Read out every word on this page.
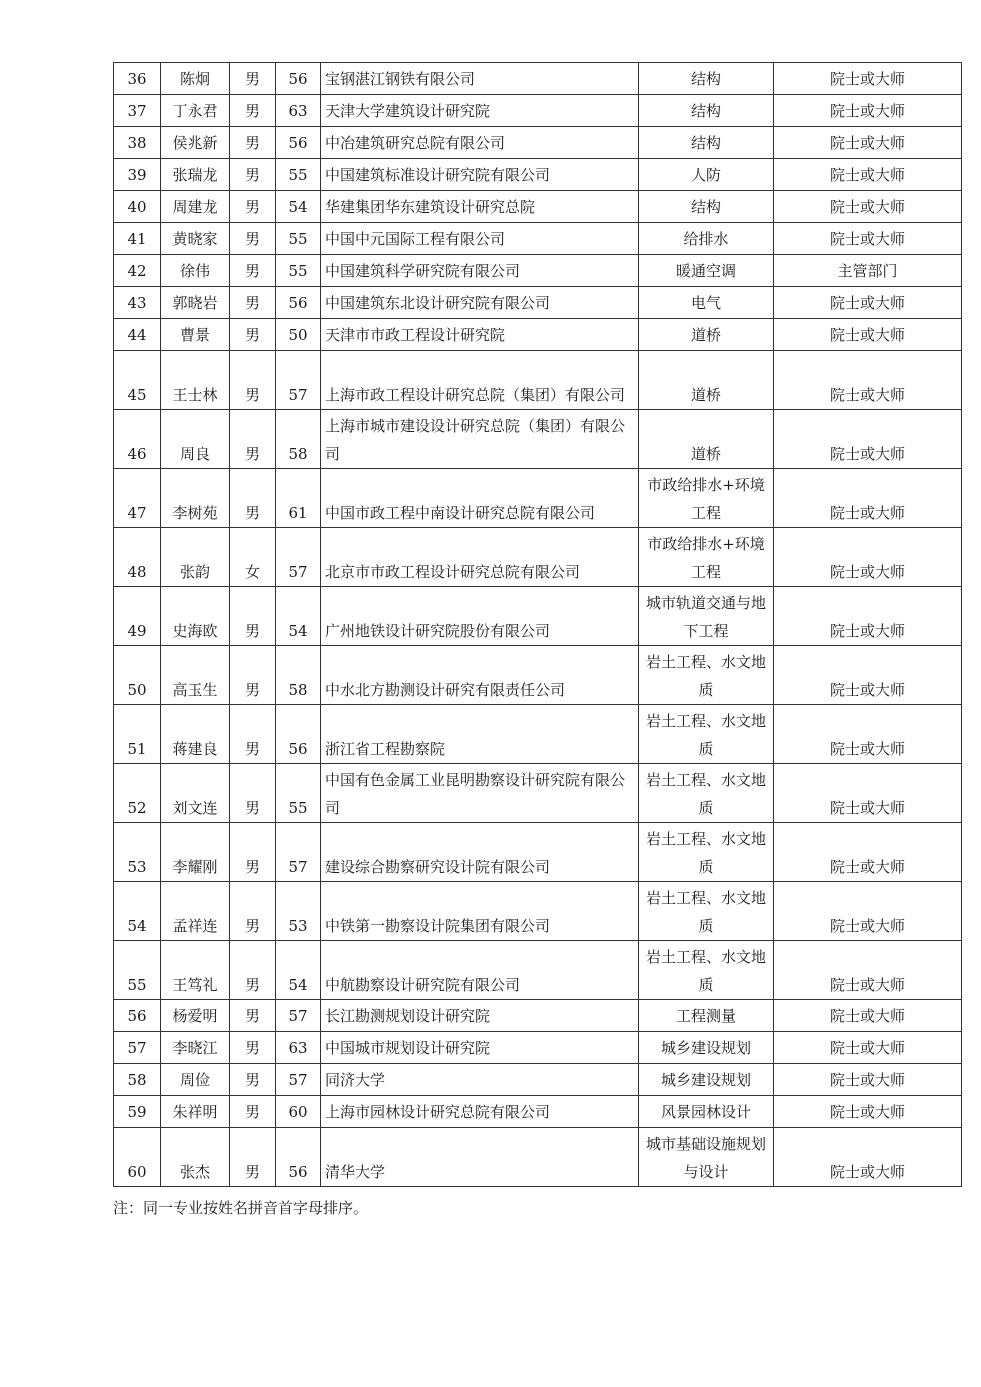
36	陈炯	男	56	宝钢湛江钢铁有限公司	结构	院士或大师
37	丁永君	男	63	天津大学建筑设计研究院	结构	院士或大师
38	侯兆新	男	56	中冶建筑研究总院有限公司	结构	院士或大师
39	张瑞龙	男	55	中国建筑标准设计研究院有限公司	人防	院士或大师
40	周建龙	男	54	华建集团华东建筑设计研究总院	结构	院士或大师
41	黄晓家	男	55	中国中元国际工程有限公司	给排水	院士或大师
42	徐伟	男	55	中国建筑科学研究院有限公司	暖通空调	主管部门
43	郭晓岩	男	56	中国建筑东北设计研究院有限公司	电气	院士或大师
44	曹景	男	50	天津市市政工程设计研究院	道桥	院士或大师
45	王士林	男	57	上海市政工程设计研究总院（集团）有限公司	道桥	院士或大师
46	周良	男	58	上海市城市建设设计研究总院（集团）有限公司	道桥	院士或大师
47	李树苑	男	61	中国市政工程中南设计研究总院有限公司	市政给排水+环境工程	院士或大师
48	张韵	女	57	北京市市政工程设计研究总院有限公司	市政给排水+环境工程	院士或大师
49	史海欧	男	54	广州地铁设计研究院股份有限公司	城市轨道交通与地下工程	院士或大师
50	高玉生	男	58	中水北方勘测设计研究有限责任公司	岩土工程、水文地质	院士或大师
51	蒋建良	男	56	浙江省工程勘察院	岩土工程、水文地质	院士或大师
52	刘文连	男	55	中国有色金属工业昆明勘察设计研究院有限公司	岩土工程、水文地质	院士或大师
53	李耀刚	男	57	建设综合勘察研究设计院有限公司	岩土工程、水文地质	院士或大师
54	孟祥连	男	53	中铁第一勘察设计院集团有限公司	岩土工程、水文地质	院士或大师
55	王笃礼	男	54	中航勘察设计研究院有限公司	岩土工程、水文地质	院士或大师
56	杨爱明	男	57	长江勘测规划设计研究院	工程测量	院士或大师
57	李晓江	男	63	中国城市规划设计研究院	城乡建设规划	院士或大师
58	周俭	男	57	同济大学	城乡建设规划	院士或大师
59	朱祥明	男	60	上海市园林设计研究总院有限公司	风景园林设计	院士或大师
60	张杰	男	56	清华大学	城市基础设施规划与设计	院士或大师
注：同一专业按姓名拼音首字母排序。
